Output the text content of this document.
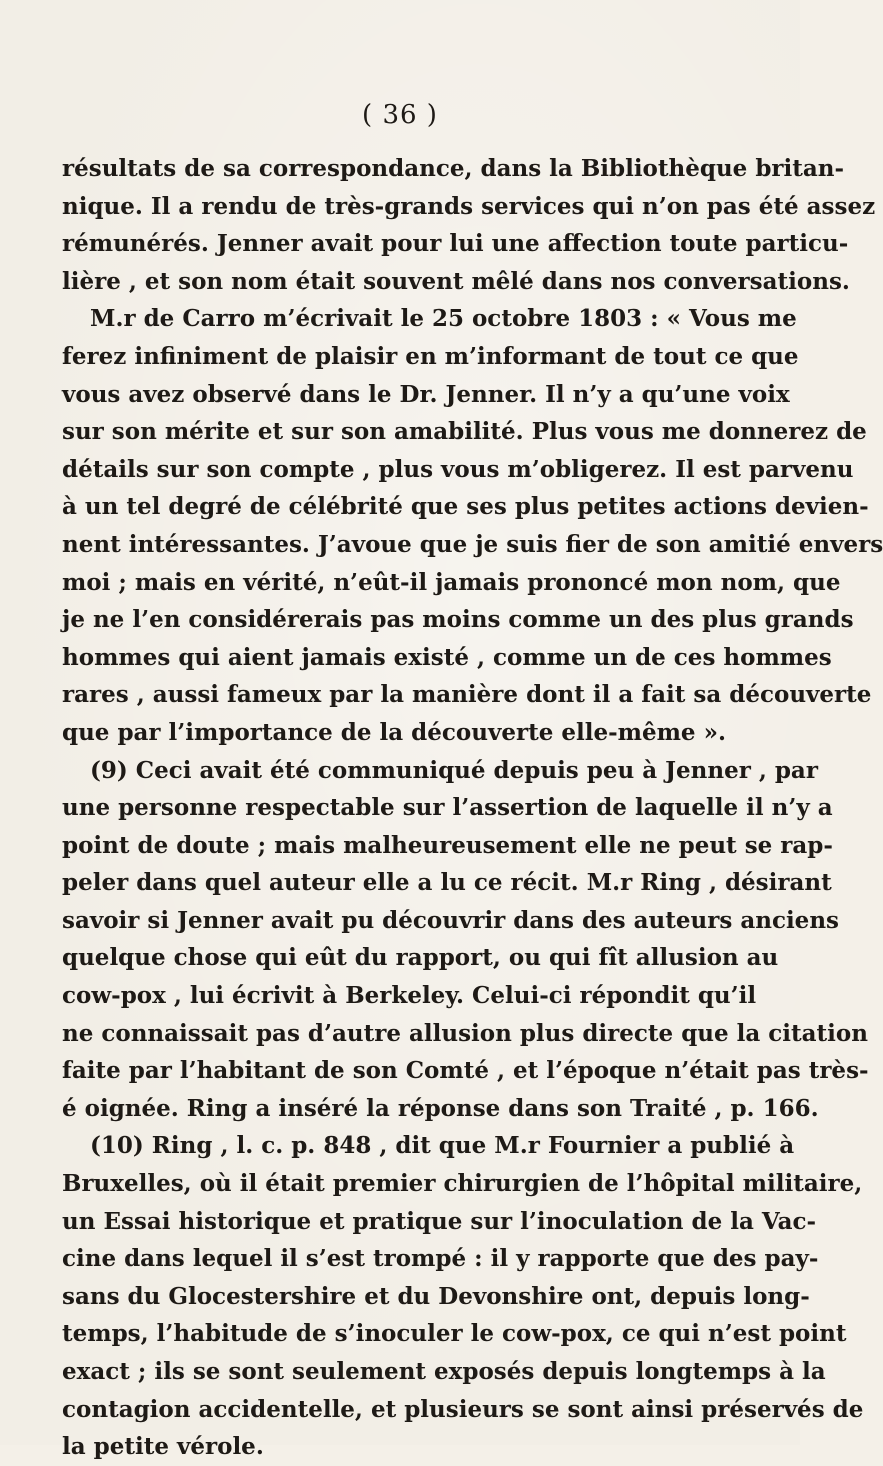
( 36 )
résultats de sa correspondance, dans la Bibliothèque britan-
nique. Il a rendu de très-grands services qui n’on pas été assez
rémunérés. Jenner avait pour lui une affection toute particu-
lière , et son nom était souvent mêlé dans nos conversations.
M.r de Carro m’écrivait le 25 octobre 1803 : « Vous me
ferez infiniment de plaisir en m’informant de tout ce que
vous avez observé dans le Dr. Jenner. Il n’y a qu’une voix
sur son mérite et sur son amabilité. Plus vous me donnerez de
détails sur son compte , plus vous m’obligerez. Il est parvenu
à un tel degré de célébrité que ses plus petites actions devien-
nent intéressantes. J’avoue que je suis fier de son amitié envers
moi ; mais en vérité, n’eût-il jamais prononcé mon nom, que
je ne l’en considérerais pas moins comme un des plus grands
hommes qui aient jamais existé , comme un de ces hommes
rares , aussi fameux par la manière dont il a fait sa découverte
que par l’importance de la découverte elle-même ».
(9) Ceci avait été communiqué depuis peu à Jenner , par
une personne respectable sur l’assertion de laquelle il n’y a
point de doute ; mais malheureusement elle ne peut se rap-
peler dans quel auteur elle a lu ce récit. M.r Ring , désirant
savoir si Jenner avait pu découvrir dans des auteurs anciens
quelque chose qui eût du rapport, ou qui fît allusion au
cow-pox , lui écrivit à Berkeley. Celui-ci répondit qu’il
ne connaissait pas d’autre allusion plus directe que la citation
faite par l’habitant de son Comté , et l’époque n’était pas très-
é oignée. Ring a inséré la réponse dans son Traité , p. 166.
(10) Ring , l. c. p. 848 , dit que M.r Fournier a publié à
Bruxelles, où il était premier chirurgien de l’hôpital militaire,
un Essai historique et pratique sur l’inoculation de la Vac-
cine dans lequel il s’est trompé : il y rapporte que des pay-
sans du Glocestershire et du Devonshire ont, depuis long-
temps, l’habitude de s’inoculer le cow-pox, ce qui n’est point
exact ; ils se sont seulement exposés depuis longtemps à la
contagion accidentelle, et plusieurs se sont ainsi préservés de
la petite vérole.
